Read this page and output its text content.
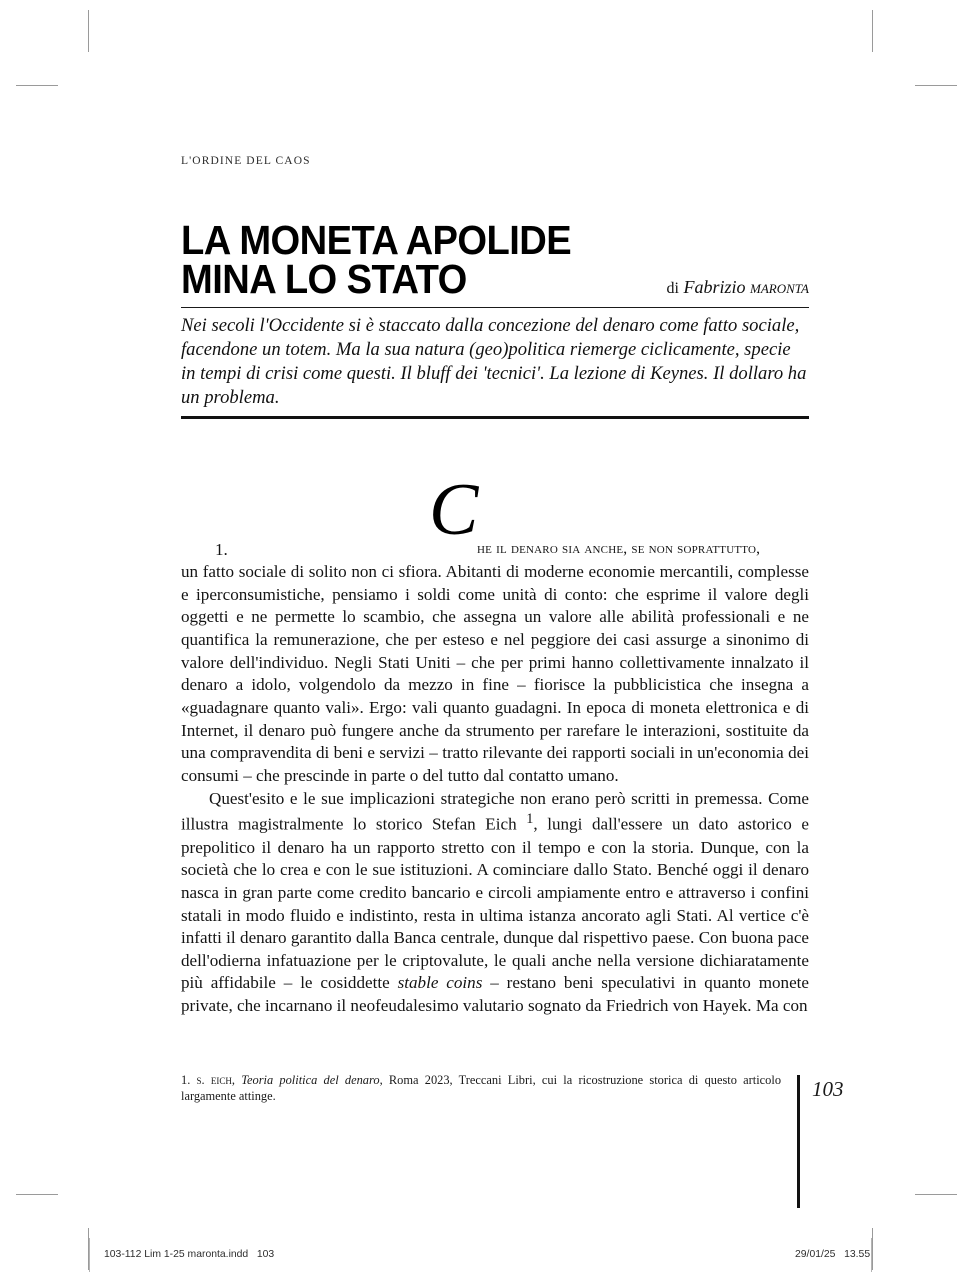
L'ORDINE DEL CAOS
LA MONETA APOLIDE
MINA LO STATO	di Fabrizio maronta
Nei secoli l'Occidente si è staccato dalla concezione del denaro come fatto sociale, facendone un totem. Ma la sua natura (geo)politica riemerge ciclicamente, specie in tempi di crisi come questi. Il bluff dei 'tecnici'. La lezione di Keynes. Il dollaro ha un problema.
1.	C
he il denaro sia anche, se non soprattutto,

un fatto sociale di solito non ci sfiora. Abitanti di moderne economie mercantili, complesse e iperconsumistiche, pensiamo i soldi come unità di conto: che esprime il valore degli oggetti e ne permette lo scambio, che assegna un valore alle abilità professionali e ne quantifica la remunerazione, che per esteso e nel peggiore dei casi assurge a sinonimo di valore dell'individuo. Negli Stati Uniti – che per primi hanno collettivamente innalzato il denaro a idolo, volgendolo da mezzo in fine – fiorisce la pubblicistica che insegna a «guadagnare quanto vali». Ergo: vali quanto guadagni. In epoca di moneta elettronica e di Internet, il denaro può fungere anche da strumento per rarefare le interazioni, sostituite da una compravendita di beni e servizi – tratto rilevante dei rapporti sociali in un'economia dei consumi – che prescinde in parte o del tutto dal contatto umano.

Quest'esito e le sue implicazioni strategiche non erano però scritti in premessa. Come illustra magistralmente lo storico Stefan Eich $^1$, lungi dall'essere un dato astorico e prepolitico il denaro ha un rapporto stretto con il tempo e con la storia. Dunque, con la società che lo crea e con le sue istituzioni. A cominciare dallo Stato. Benché oggi il denaro nasca in gran parte come credito bancario e circoli ampiamente entro e attraverso i confini statali in modo fluido e indistinto, resta in ultima istanza ancorato agli Stati. Al vertice c'è infatti il denaro garantito dalla Banca centrale, dunque dal rispettivo paese. Con buona pace dell'odierna infatuazione per le criptovalute, le quali anche nella versione dichiaratamente più affidabile – le cosiddette stable coins – restano beni speculativi in quanto monete private, che incarnano il neofeudalesimo valutario sognato da Friedrich von Hayek. Ma con

1. s. eich, Teoria politica del denaro, Roma 2023, Treccani Libri, cui la ricostruzione storica di questo articolo largamente attinge.	103
103-112 Lim 1-25 maronta.indd   103	29/01/25   13.55
